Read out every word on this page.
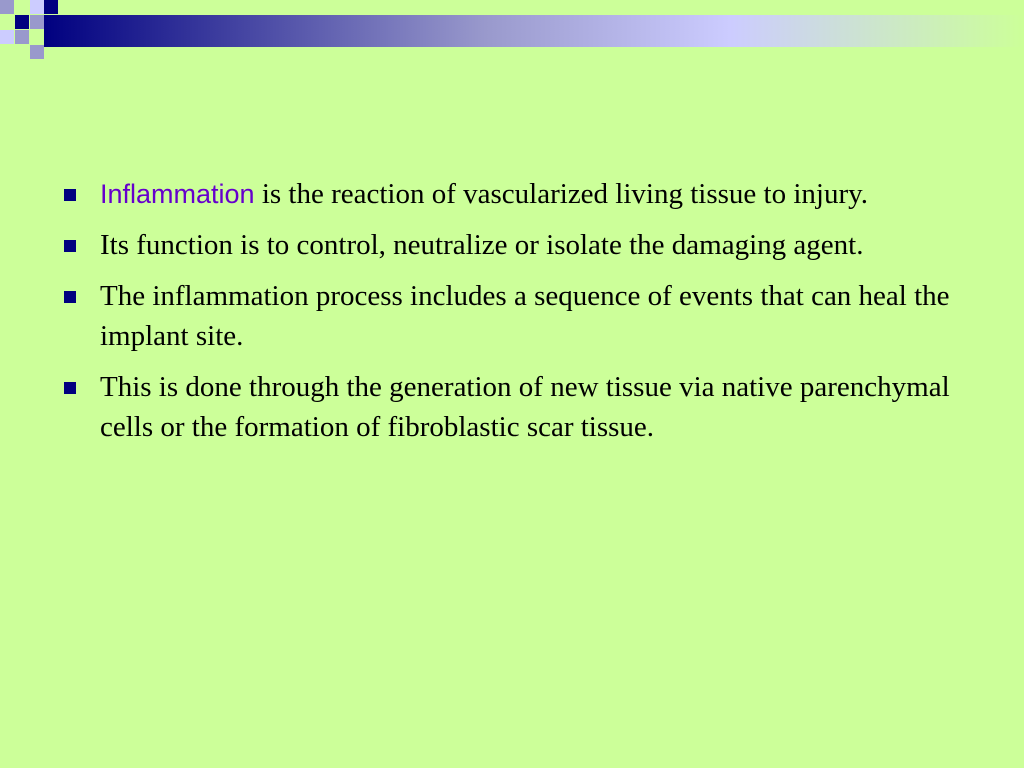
Inflammation is the reaction of vascularized living tissue to injury.
Its function is to control, neutralize or isolate the damaging agent.
The inflammation process includes a sequence of events that can heal the implant site.
This is done through the generation of new tissue via native parenchymal cells or the formation of fibroblastic scar tissue.
